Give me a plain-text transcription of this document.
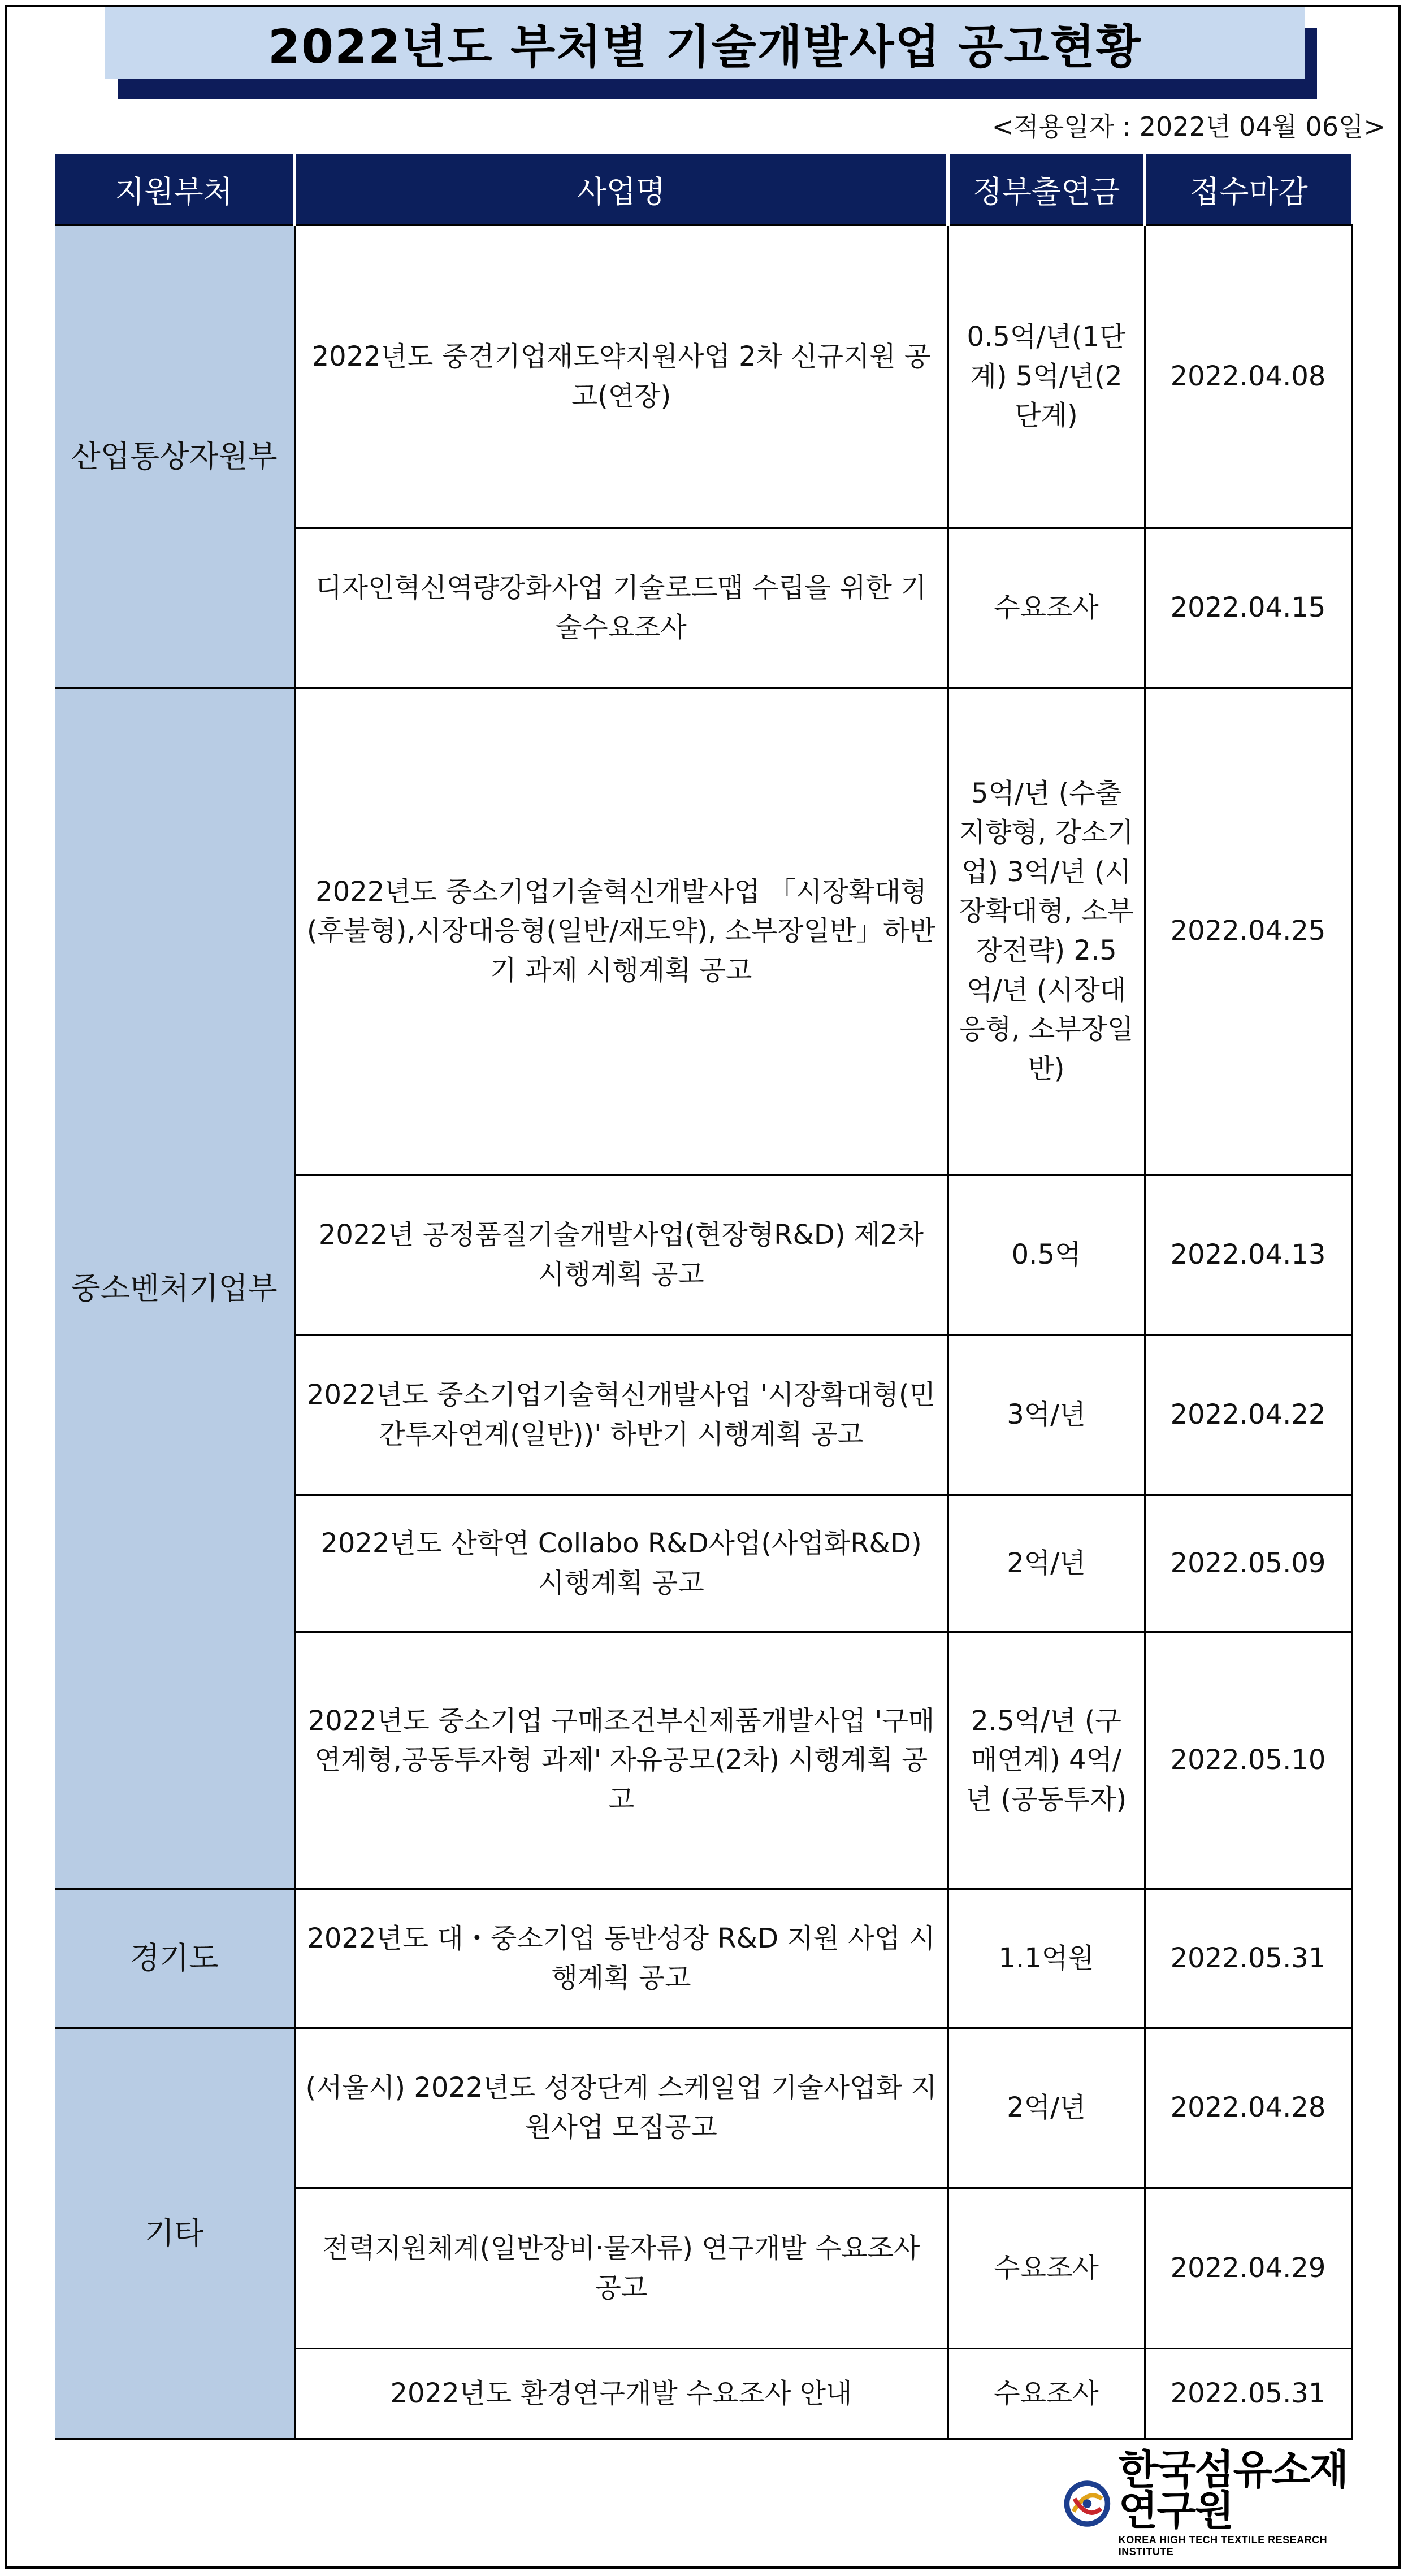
2022년도 부처별 기술개발사업 공고현황
<적용일자 : 2022년 04월 06일>
지원부처	사업명	정부출연금	접수마감
산업통상자원부	2022년도 중견기업재도약지원사업 2차 신규지원 공고(연장)	0.5억/년(1단계) 5억/년(2단계)	2022.04.08
	디자인혁신역량강화사업 기술로드맵 수립을 위한 기술수요조사	수요조사	2022.04.15
중소벤처기업부	2022년도 중소기업기술혁신개발사업 「시장확대형(후불형),시장대응형(일반/재도약), 소부장일반」하반기 과제 시행계획 공고	5억/년 (수출지향형, 강소기업) 3억/년 (시장확대형, 소부장전략) 2.5억/년 (시장대응형, 소부장일반)	2022.04.25
	2022년 공정품질기술개발사업(현장형R&D) 제2차 시행계획 공고	0.5억	2022.04.13
	2022년도 중소기업기술혁신개발사업 '시장확대형(민간투자연계(일반))' 하반기 시행계획 공고	3억/년	2022.04.22
	2022년도 산학연 Collabo R&D사업(사업화R&D) 시행계획 공고	2억/년	2022.05.09
	2022년도 중소기업 구매조건부신제품개발사업 '구매연계형,공동투자형 과제' 자유공모(2차) 시행계획 공고	2.5억/년 (구매연계) 4억/년 (공동투자)	2022.05.10
경기도	2022년도 대・중소기업 동반성장 R&D 지원 사업 시행계획 공고	1.1억원	2022.05.31
기타	(서울시) 2022년도 성장단계 스케일업 기술사업화 지원사업 모집공고	2억/년	2022.04.28
	전력지원체계(일반장비·물자류) 연구개발 수요조사 공고	수요조사	2022.04.29
	2022년도 환경연구개발 수요조사 안내	수요조사	2022.05.31
한국섬유소재연구원
KOREA HIGH TECH TEXTILE RESEARCH INSTITUTE
